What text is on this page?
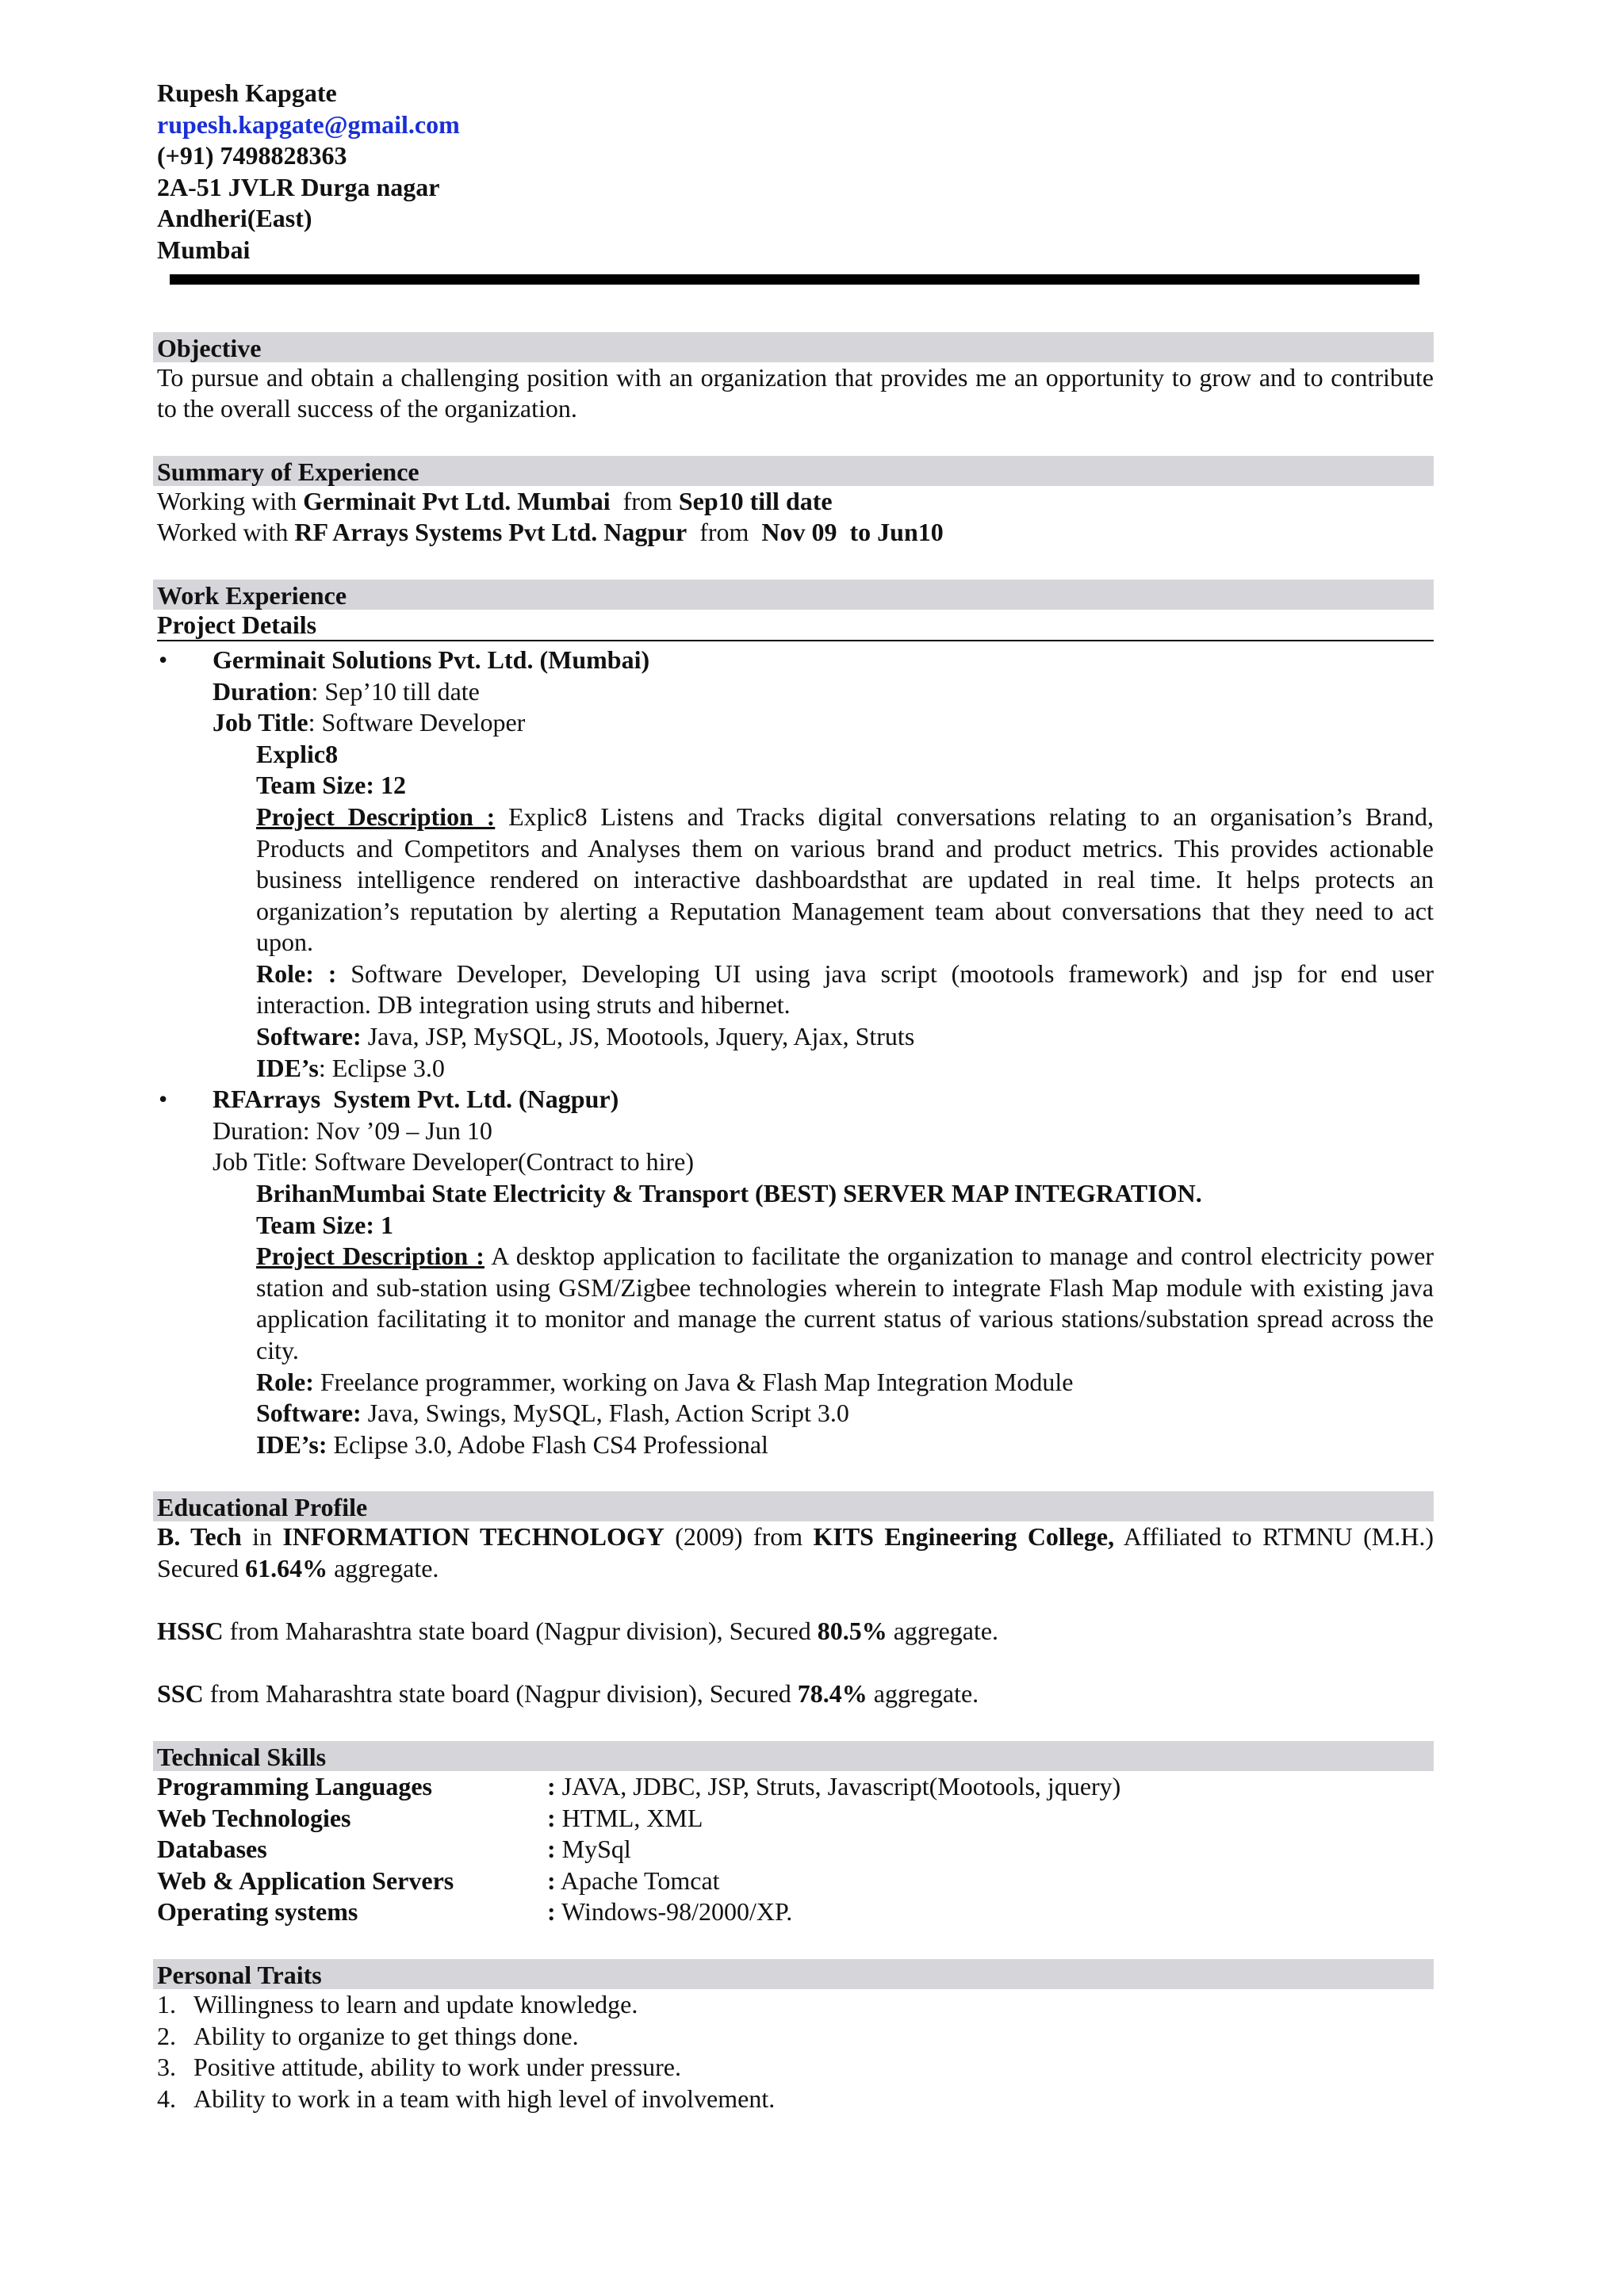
Rupesh Kapgate
rupesh.kapgate@gmail.com
(+91) 7498828363
2A-51 JVLR Durga nagar
Andheri(East)
Mumbai
Objective
To pursue and obtain a challenging position with an organization that provides me an opportunity to grow and to contribute to the overall success of the organization.
Summary of Experience
Working with Germinait Pvt Ltd. Mumbai  from Sep10 till date
Worked with RF Arrays Systems Pvt Ltd. Nagpur  from  Nov 09  to Jun10
Work Experience
Project Details
• Germinait Solutions Pvt. Ltd. (Mumbai)
Duration: Sep’10 till date
Job Title: Software Developer
Explic8
Team Size: 12
Project Description : Explic8 Listens and Tracks digital conversations relating to an organisation’s Brand, Products and Competitors and Analyses them on various brand and product metrics. This provides actionable business intelligence rendered on interactive dashboardsthat are updated in real time. It helps protects an organization’s reputation by alerting a Reputation Management team about conversations that they need to act upon.
Role: : Software Developer, Developing UI using java script (mootools framework) and jsp for end user interaction. DB integration using struts and hibernet.
Software: Java, JSP, MySQL, JS, Mootools, Jquery, Ajax, Struts
IDE’s: Eclipse 3.0
• RFArrays  System Pvt. Ltd. (Nagpur)
Duration: Nov ’09 – Jun 10
Job Title: Software Developer(Contract to hire)
BrihanMumbai State Electricity & Transport (BEST) SERVER MAP INTEGRATION.
Team Size: 1
Project Description : A desktop application to facilitate the organization to manage and control electricity power station and sub-station using GSM/Zigbee technologies wherein to integrate Flash Map module with existing java application facilitating it to monitor and manage the current status of various stations/substation spread across the city.
Role: Freelance programmer, working on Java & Flash Map Integration Module
Software: Java, Swings, MySQL, Flash, Action Script 3.0
IDE’s: Eclipse 3.0, Adobe Flash CS4 Professional
Educational Profile
B. Tech in INFORMATION TECHNOLOGY (2009) from KITS Engineering College, Affiliated to RTMNU (M.H.) Secured 61.64% aggregate.
HSSC from Maharashtra state board (Nagpur division), Secured 80.5% aggregate.
SSC from Maharashtra state board (Nagpur division), Secured 78.4% aggregate.
Technical Skills
Programming Languages	: JAVA, JDBC, JSP, Struts, Javascript(Mootools, jquery)
Web Technologies	: HTML, XML
Databases	: MySql
Web & Application Servers	: Apache Tomcat
Operating systems	: Windows-98/2000/XP.
Personal Traits
1. Willingness to learn and update knowledge.
2. Ability to organize to get things done.
3. Positive attitude, ability to work under pressure.
4. Ability to work in a team with high level of involvement.
